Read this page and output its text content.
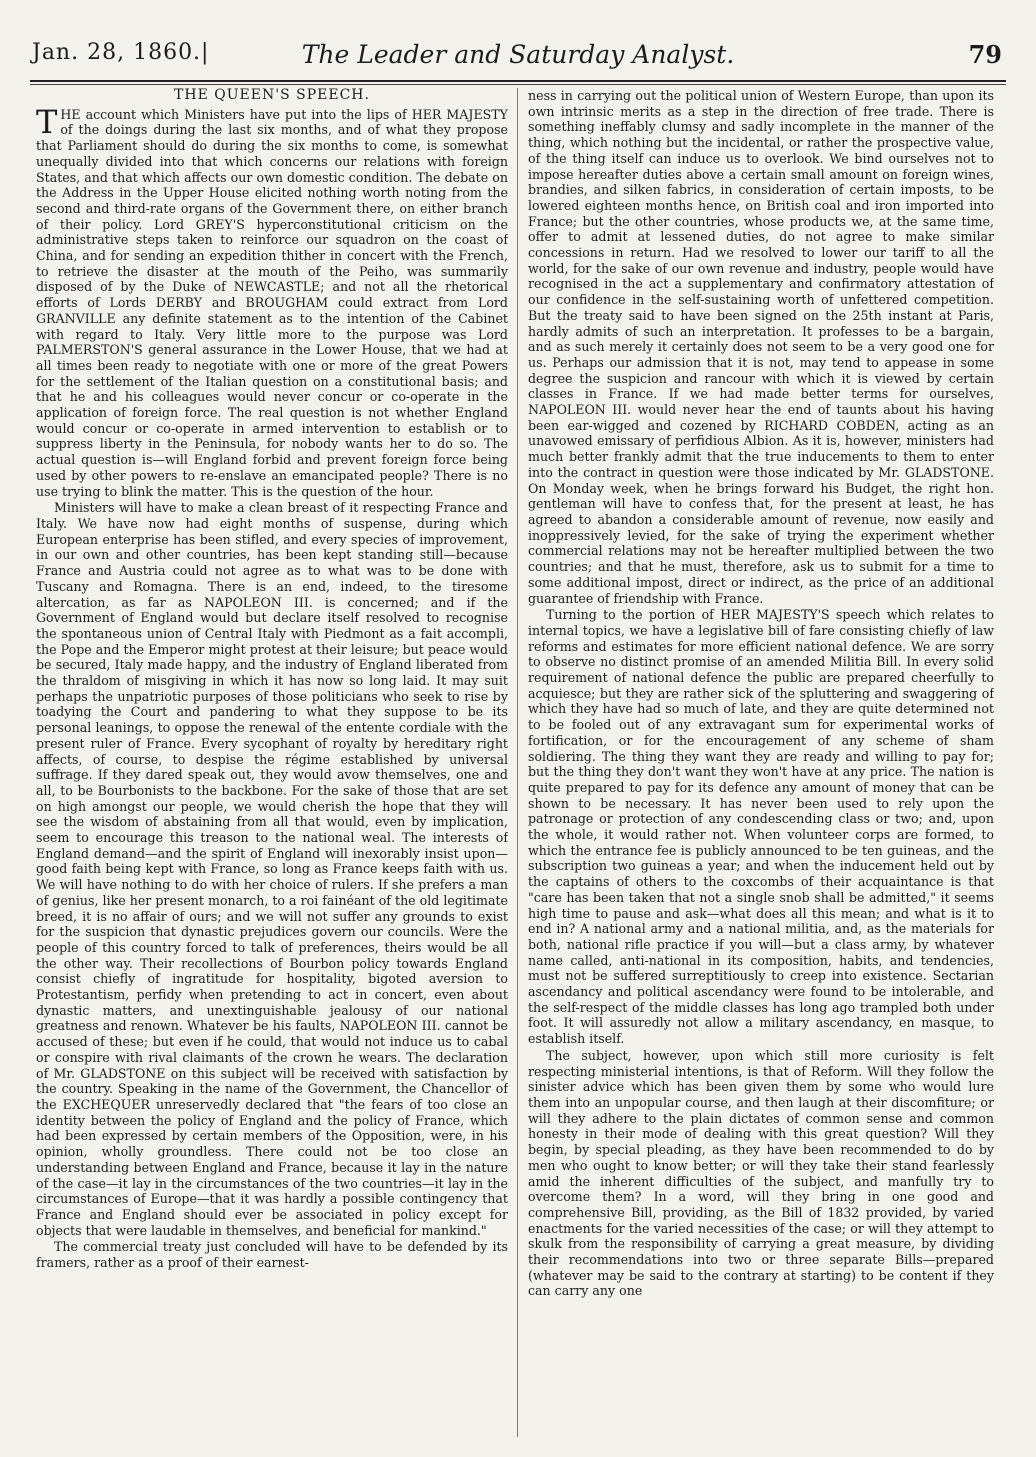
Jan. 28, 1860.|	The Leader and Saturday Analyst.	79
THE QUEEN'S SPEECH.

THE account which Ministers have put into the lips of HER MAJESTY of the doings during the last six months, and of what they propose that Parliament should do during the six months to come, is somewhat unequally divided into that which concerns our relations with foreign States, and that which affects our own domestic condition. The debate on the Address in the Upper House elicited nothing worth noting from the second and third-rate organs of the Government there, on either branch of their policy. Lord GREY'S hyperconstitutional criticism on the administrative steps taken to reinforce our squadron on the coast of China, and for sending an expedition thither in concert with the French, to retrieve the disaster at the mouth of the Peiho, was summarily disposed of by the Duke of NEWCASTLE; and not all the rhetorical efforts of Lords DERBY and BROUGHAM could extract from Lord GRANVILLE any definite statement as to the intention of the Cabinet with regard to Italy. Very little more to the purpose was Lord PALMERSTON'S general assurance in the Lower House, that we had at all times been ready to negotiate with one or more of the great Powers for the settlement of the Italian question on a constitutional basis; and that he and his colleagues would never concur or co-operate in the application of foreign force. The real question is not whether England would concur or co-operate in armed intervention to establish or to suppress liberty in the Peninsula, for nobody wants her to do so. The actual question is—will England forbid and prevent foreign force being used by other powers to re-enslave an emancipated people? There is no use trying to blink the matter. This is the question of the hour.

Ministers will have to make a clean breast of it respecting France and Italy. We have now had eight months of suspense, during which European enterprise has been stifled, and every species of improvement, in our own and other countries, has been kept standing still—because France and Austria could not agree as to what was to be done with Tuscany and Romagna. There is an end, indeed, to the tiresome altercation, as far as NAPOLEON III. is concerned; and if the Government of England would but declare itself resolved to recognise the spontaneous union of Central Italy with Piedmont as a fait accompli, the Pope and the Emperor might protest at their leisure; but peace would be secured, Italy made happy, and the industry of England liberated from the thraldom of misgiving in which it has now so long laid. It may suit perhaps the unpatriotic purposes of those politicians who seek to rise by toadying the Court and pandering to what they suppose to be its personal leanings, to oppose the renewal of the entente cordiale with the present ruler of France. Every sycophant of royalty by hereditary right affects, of course, to despise the régime established by universal suffrage. If they dared speak out, they would avow themselves, one and all, to be Bourbonists to the backbone. For the sake of those that are set on high amongst our people, we would cherish the hope that they will see the wisdom of abstaining from all that would, even by implication, seem to encourage this treason to the national weal. The interests of England demand—and the spirit of England will inexorably insist upon—good faith being kept with France, so long as France keeps faith with us. We will have nothing to do with her choice of rulers. If she prefers a man of genius, like her present monarch, to a roi fainéant of the old legitimate breed, it is no affair of ours; and we will not suffer any grounds to exist for the suspicion that dynastic prejudices govern our councils. Were the people of this country forced to talk of preferences, theirs would be all the other way. Their recollections of Bourbon policy towards England consist chiefly of ingratitude for hospitality, bigoted aversion to Protestantism, perfidy when pretending to act in concert, even about dynastic matters, and unextinguishable jealousy of our national greatness and renown. Whatever be his faults, NAPOLEON III. cannot be accused of these; but even if he could, that would not induce us to cabal or conspire with rival claimants of the crown he wears. The declaration of Mr. GLADSTONE on this subject will be received with satisfaction by the country. Speaking in the name of the Government, the Chancellor of the EXCHEQUER unreservedly declared that "the fears of too close an identity between the policy of England and the policy of France, which had been expressed by certain members of the Opposition, were, in his opinion, wholly groundless. There could not be too close an understanding between England and France, because it lay in the nature of the case—it lay in the circumstances of the two countries—it lay in the circumstances of Europe—that it was hardly a possible contingency that France and England should ever be associated in policy except for objects that were laudable in themselves, and beneficial for mankind."

The commercial treaty just concluded will have to be defended by its framers, rather as a proof of their earnest-

ness in carrying out the political union of Western Europe, than upon its own intrinsic merits as a step in the direction of free trade. There is something ineffably clumsy and sadly incomplete in the manner of the thing, which nothing but the incidental, or rather the prospective value, of the thing itself can induce us to overlook. We bind ourselves not to impose hereafter duties above a certain small amount on foreign wines, brandies, and silken fabrics, in consideration of certain imposts, to be lowered eighteen months hence, on British coal and iron imported into France; but the other countries, whose products we, at the same time, offer to admit at lessened duties, do not agree to make similar concessions in return. Had we resolved to lower our tariff to all the world, for the sake of our own revenue and industry, people would have recognised in the act a supplementary and confirmatory attestation of our confidence in the self-sustaining worth of unfettered competition. But the treaty said to have been signed on the 25th instant at Paris, hardly admits of such an interpretation. It professes to be a bargain, and as such merely it certainly does not seem to be a very good one for us. Perhaps our admission that it is not, may tend to appease in some degree the suspicion and rancour with which it is viewed by certain classes in France. If we had made better terms for ourselves, NAPOLEON III. would never hear the end of taunts about his having been ear-wigged and cozened by RICHARD COBDEN, acting as an unavowed emissary of perfidious Albion. As it is, however, ministers had much better frankly admit that the true inducements to them to enter into the contract in question were those indicated by Mr. GLADSTONE. On Monday week, when he brings forward his Budget, the right hon. gentleman will have to confess that, for the present at least, he has agreed to abandon a considerable amount of revenue, now easily and inoppressively levied, for the sake of trying the experiment whether commercial relations may not be hereafter multiplied between the two countries; and that he must, therefore, ask us to submit for a time to some additional impost, direct or indirect, as the price of an additional guarantee of friendship with France.

Turning to the portion of HER MAJESTY'S speech which relates to internal topics, we have a legislative bill of fare consisting chiefly of law reforms and estimates for more efficient national defence. We are sorry to observe no distinct promise of an amended Militia Bill. In every solid requirement of national defence the public are prepared cheerfully to acquiesce; but they are rather sick of the spluttering and swaggering of which they have had so much of late, and they are quite determined not to be fooled out of any extravagant sum for experimental works of fortification, or for the encouragement of any scheme of sham soldiering. The thing they want they are ready and willing to pay for; but the thing they don't want they won't have at any price. The nation is quite prepared to pay for its defence any amount of money that can be shown to be necessary. It has never been used to rely upon the patronage or protection of any condescending class or two; and, upon the whole, it would rather not. When volunteer corps are formed, to which the entrance fee is publicly announced to be ten guineas, and the subscription two guineas a year; and when the inducement held out by the captains of others to the coxcombs of their acquaintance is that "care has been taken that not a single snob shall be admitted," it seems high time to pause and ask—what does all this mean; and what is it to end in? A national army and a national militia, and, as the materials for both, national rifle practice if you will—but a class army, by whatever name called, anti-national in its composition, habits, and tendencies, must not be suffered surreptitiously to creep into existence. Sectarian ascendancy and political ascendancy were found to be intolerable, and the self-respect of the middle classes has long ago trampled both under foot. It will assuredly not allow a military ascendancy, en masque, to establish itself.

The subject, however, upon which still more curiosity is felt respecting ministerial intentions, is that of Reform. Will they follow the sinister advice which has been given them by some who would lure them into an unpopular course, and then laugh at their discomfiture; or will they adhere to the plain dictates of common sense and common honesty in their mode of dealing with this great question? Will they begin, by special pleading, as they have been recommended to do by men who ought to know better; or will they take their stand fearlessly amid the inherent difficulties of the subject, and manfully try to overcome them? In a word, will they bring in one good and comprehensive Bill, providing, as the Bill of 1832 provided, by varied enactments for the varied necessities of the case; or will they attempt to skulk from the responsibility of carrying a great measure, by dividing their recommendations into two or three separate Bills—prepared (whatever may be said to the contrary at starting) to be content if they can carry any one
